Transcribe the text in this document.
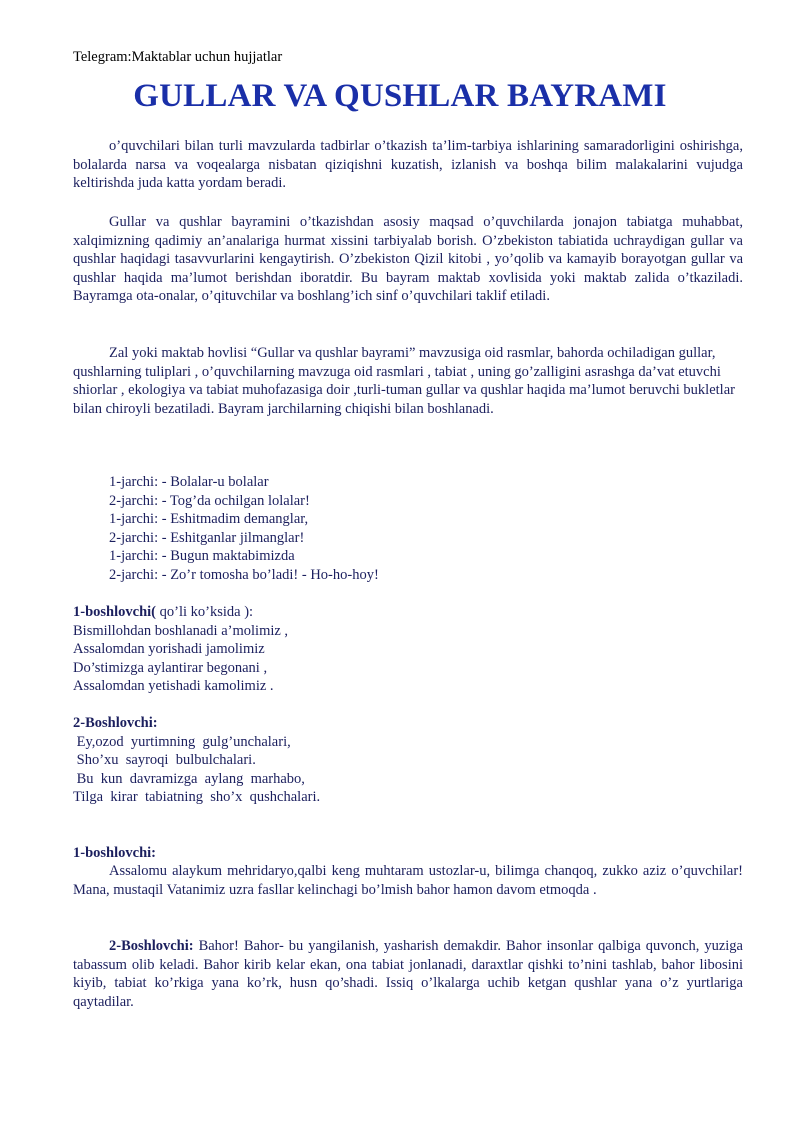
Telegram:Maktablar uchun hujjatlar
GULLAR VA QUSHLAR BAYRAMI
o’quvchilari bilan turli mavzularda tadbirlar o’tkazish ta’lim-tarbiya ishlarining samaradorligini oshirishga, bolalarda narsa va voqealarga nisbatan qiziqishni kuzatish, izlanish va boshqa bilim malakalarini vujudga keltirishda juda katta yordam beradi.
Gullar va qushlar bayramini o’tkazishdan asosiy maqsad o’quvchilarda jonajon tabiatga muhabbat, xalqimizning qadimiy an’analariga hurmat xissini tarbiyalab borish. O’zbekiston tabiatida uchraydigan gullar va qushlar haqidagi tasavvurlarini kengaytirish. O’zbekiston Qizil kitobi , yo’qolib va kamayib borayotgan gullar va qushlar haqida ma’lumot berishdan iboratdir. Bu bayram maktab xovlisida yoki maktab zalida o’tkaziladi. Bayramga ota-onalar, o’qituvchilar va boshlang’ich sinf o’quvchilari taklif etiladi.
Zal yoki maktab hovlisi “Gullar va qushlar bayrami” mavzusiga oid rasmlar, bahorda ochiladigan gullar, qushlarning tuliplari , o’quvchilarning mavzuga oid rasmlari , tabiat , uning go’zalligini asrashga da’vat etuvchi shiorlar , ekologiya va tabiat muhofazasiga doir ,turli-tuman gullar va qushlar haqida ma’lumot beruvchi bukletlar bilan chiroyli bezatiladi. Bayram jarchilarning chiqishi bilan boshlanadi.
1-jarchi: - Bolalar-u bolalar
2-jarchi: - Tog’da ochilgan lolalar!
1-jarchi: - Eshitmadim demanglar,
2-jarchi: - Eshitganlar jilmanglar!
1-jarchi: - Bugun maktabimizda
2-jarchi: - Zo’r tomosha bo’ladi! - Ho-ho-hoy!
1-boshlovchi( qo’li ko’ksida ):
Bismillohdan boshlanadi a’molimiz ,
Assalomdan yorishadi jamolimiz
Do’stimizga aylantirar begonani ,
Assalomdan yetishadi kamolimiz .
2-Boshlovchi:
Ey,ozod  yurtimning  gulg’unchalari,
Sho’xu  sayroqi  bulbulchalari.
Bu  kun  davramizga  aylang  marhabo,
Tilga  kirar  tabiatning  sho’x  qushchalari.
1-boshlovchi:
Assalomu alaykum mehridaryo,qalbi keng muhtaram ustozlar-u, bilimga chanqoq, zukko aziz o’quvchilar! Mana, mustaqil Vatanimiz uzra fasllar kelinchagi bo’lmish bahor hamon davom etmoqda .
2-Boshlovchi: Bahor! Bahor- bu yangilanish, yasharish demakdir. Bahor insonlar qalbiga quvonch, yuziga tabassum olib keladi. Bahor kirib kelar ekan, ona tabiat jonlanadi, daraxtlar qishki to’nini tashlab, bahor libosini kiyib, tabiat ko’rkiga yana ko’rk, husn qo’shadi. Issiq o’lkalarga uchib ketgan qushlar yana o’z yurtlariga qaytadilar.
